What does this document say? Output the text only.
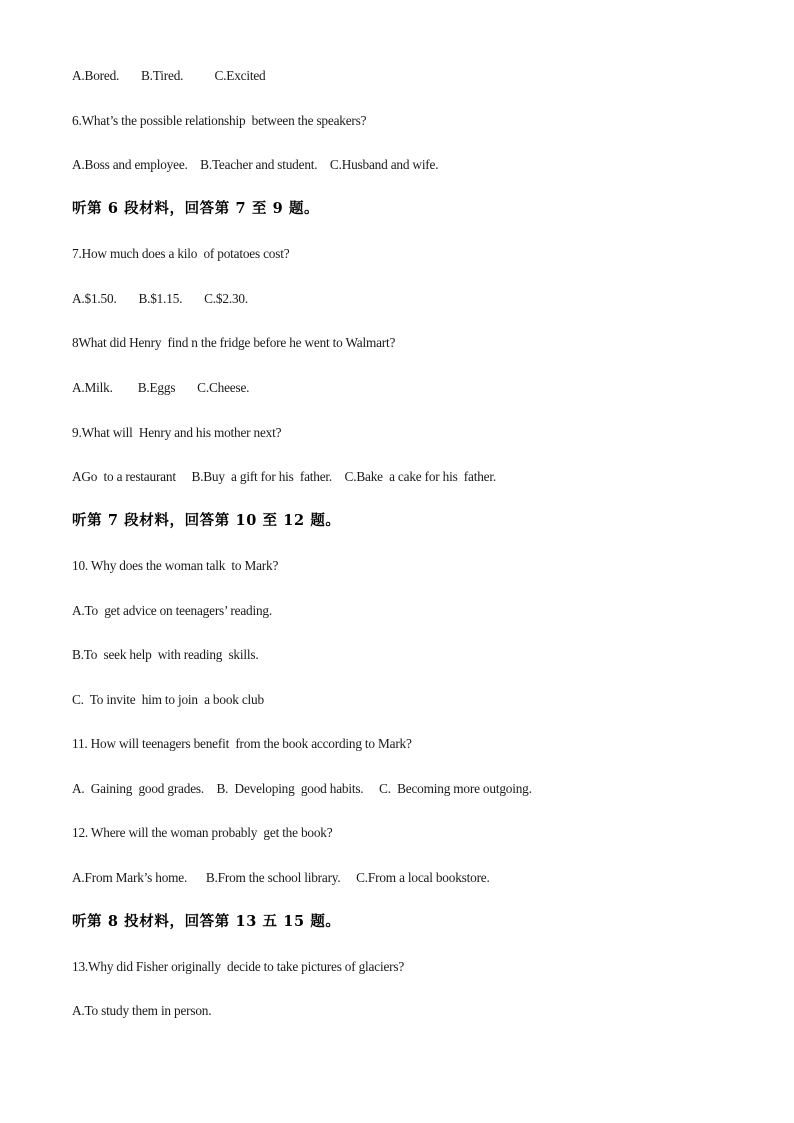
A.Bored.       B.Tired.          C.Excited
6.What’s the possible relationship  between the speakers?
A.Boss and employee.    B.Teacher and student.    C.Husband and wife.
听第 6 段材料，回答第 7 至 9 题。
7.How much does a kilo  of potatoes cost?
A.$1.50.       B.$1.15.       C.$2.30.
8What did Henry  find n the fridge before he went to Walmart?
A.Milk.        B.Eggs       C.Cheese.
9.What will  Henry and his mother next?
AGo  to a restaurant     B.Buy  a gift for his  father.    C.Bake  a cake for his  father.
听第 7 段材料，回答第 10 至 12 题。
10. Why does the woman talk  to Mark?
A.To  get advice on teenagers’ reading.
B.To  seek help  with reading  skills.
C.  To invite  him to join  a book club
11. How will teenagers benefit  from the book according to Mark?
A.  Gaining  good grades.    B.  Developing  good habits.     C.  Becoming more outgoing.
12. Where will the woman probably  get the book?
A.From Mark’s home.      B.From the school library.     C.From a local bookstore.
听第 8 投材料，回答第 13 五 15 题。
13.Why did Fisher originally  decide to take pictures of glaciers?
A.To study them in person.
